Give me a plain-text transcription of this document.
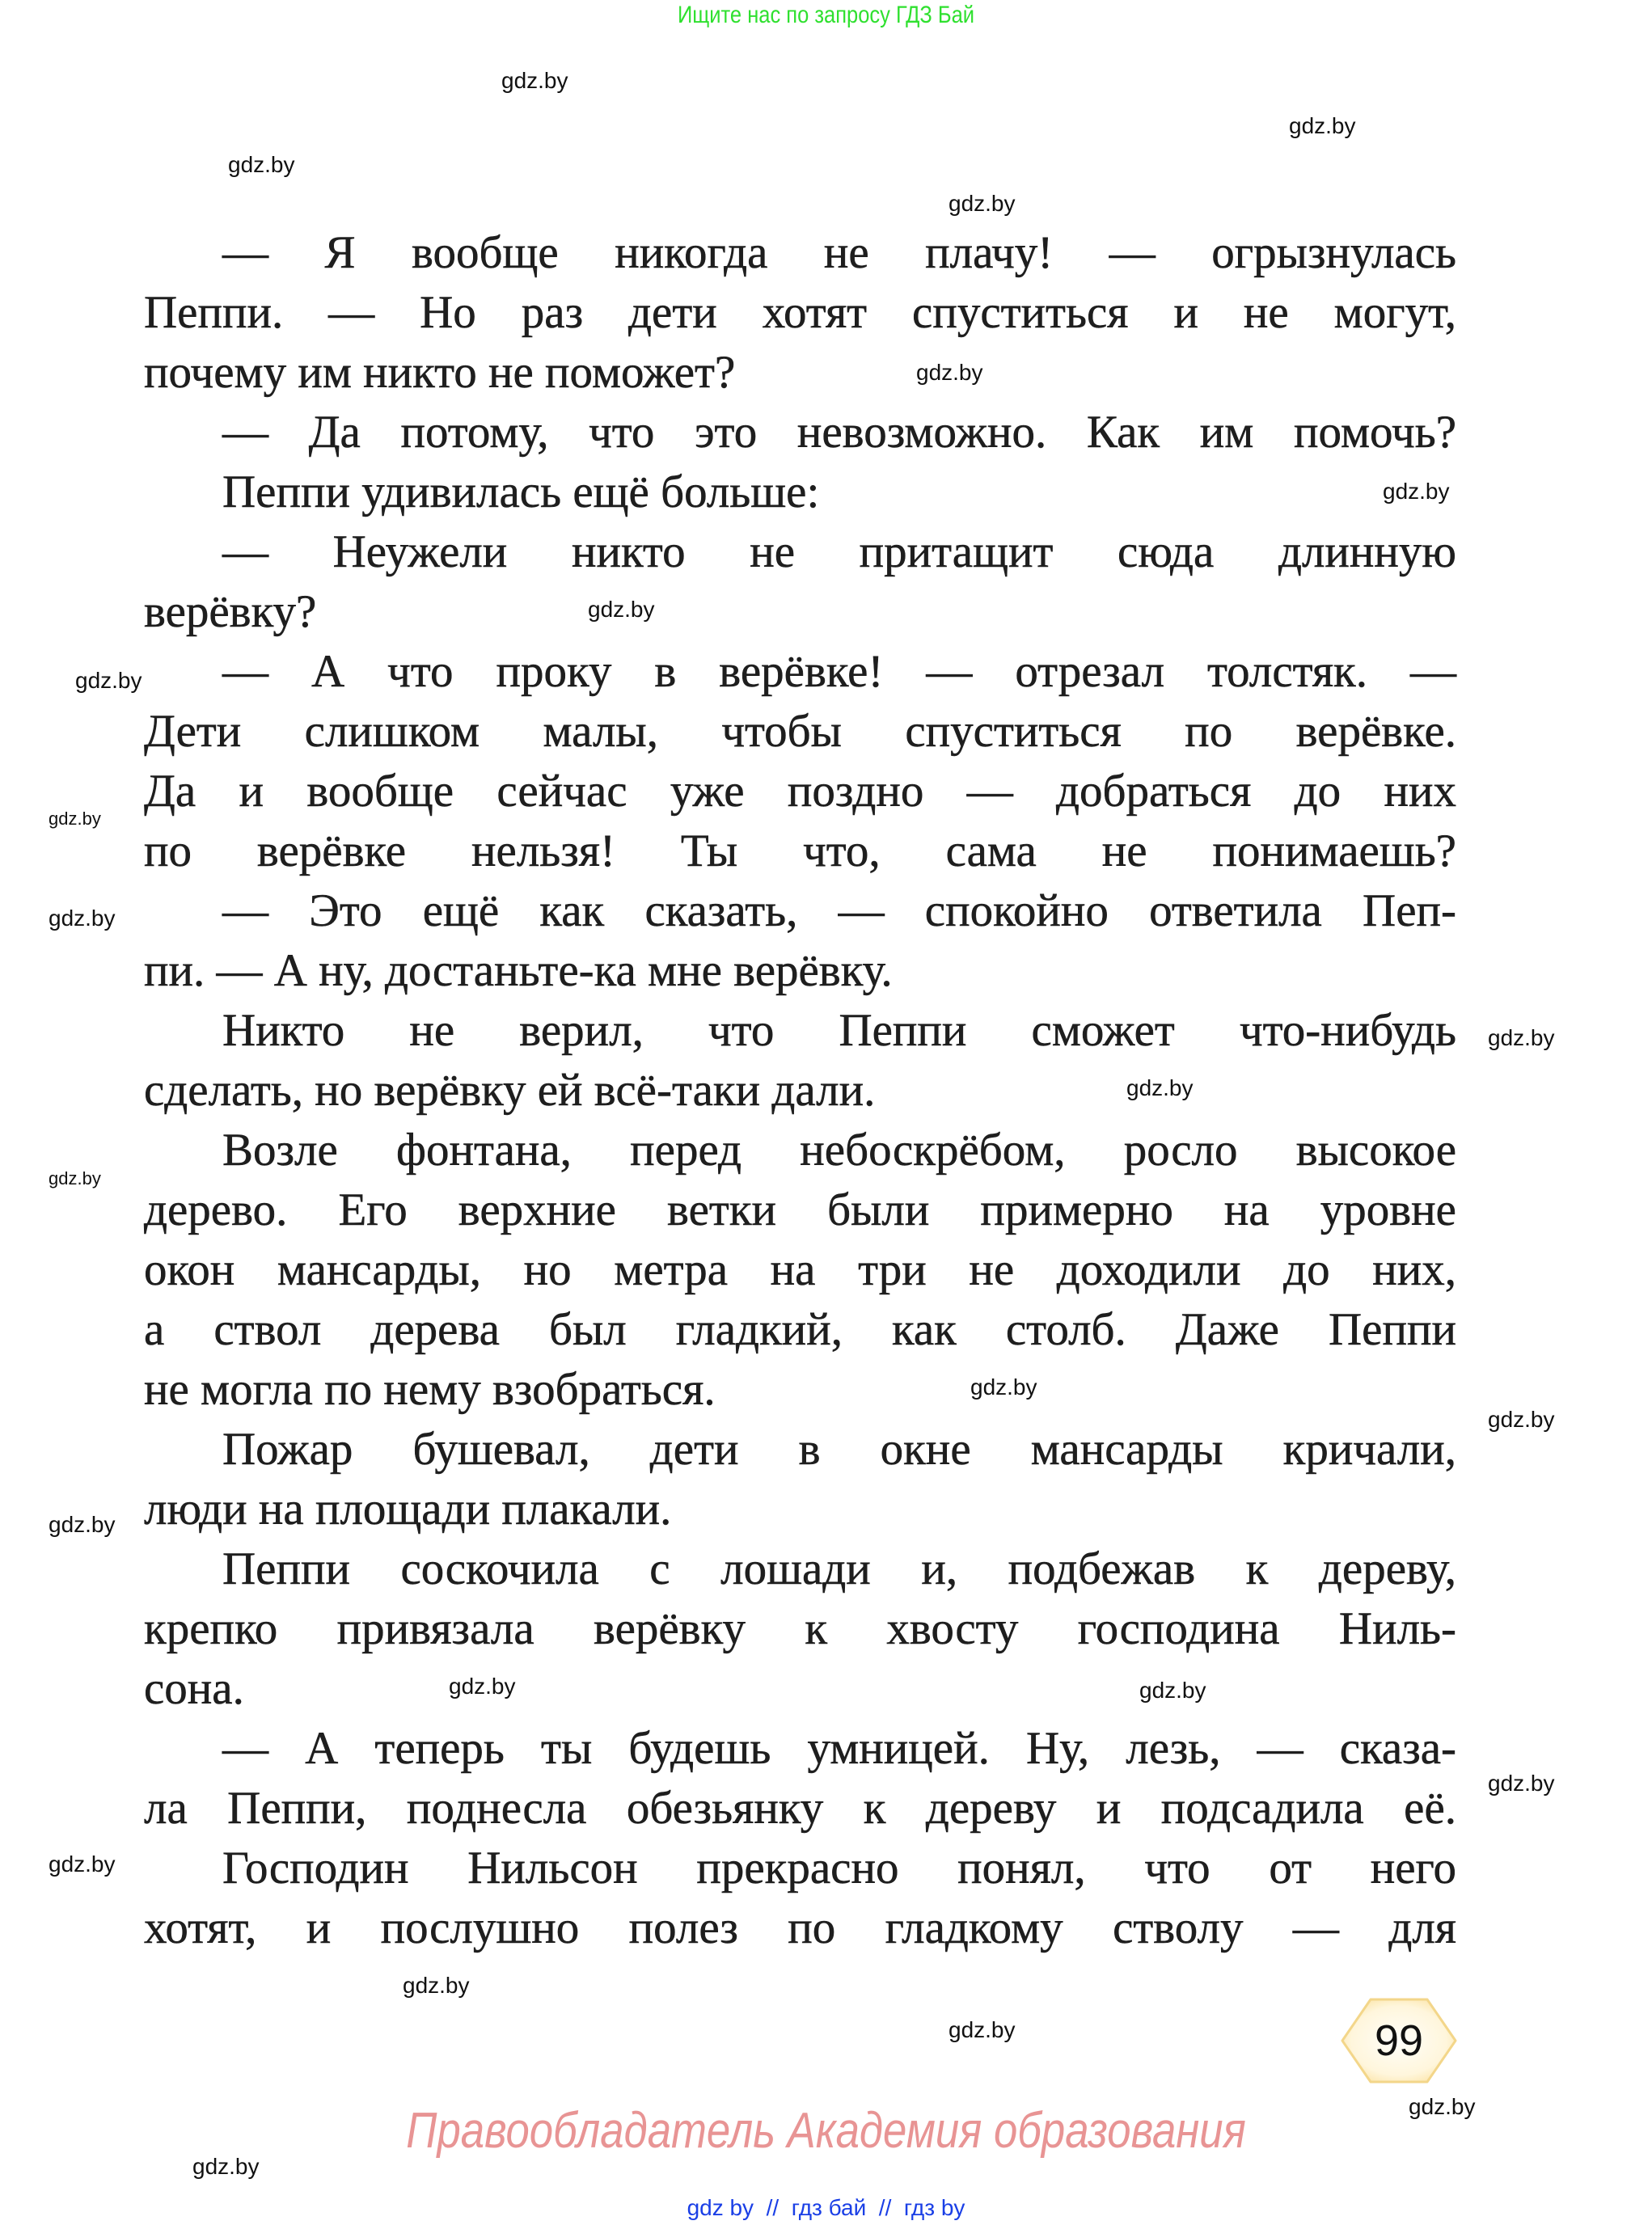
Ищите нас по запросу ГДЗ Бай
— Я вообще никогда не плачу! — огрызнулась
Пеппи. — Но раз дети хотят спуститься и не могут,
почему им никто не поможет?
— Да потому, что это невозможно. Как им помочь?
Пеппи удивилась ещё больше:
— Неужели никто не притащит сюда длинную
верёвку?
— А что проку в верёвке! — отрезал толстяк. —
Дети слишком малы, чтобы спуститься по верёвке.
Да и вообще сейчас уже поздно — добраться до них
по верёвке нельзя! Ты что, сама не понимаешь?
— Это ещё как сказать, — спокойно ответила Пеп-
пи. — А ну, достаньте-ка мне верёвку.
Никто не верил, что Пеппи сможет что-нибудь
сделать, но верёвку ей всё-таки дали.
Возле фонтана, перед небоскрёбом, росло высокое
дерево. Его верхние ветки были примерно на уровне
окон мансарды, но метра на три не доходили до них,
а ствол дерева был гладкий, как столб. Даже Пеппи
не могла по нему взобраться.
Пожар бушевал, дети в окне мансарды кричали,
люди на площади плакали.
Пеппи соскочила с лошади и, подбежав к дереву,
крепко привязала верёвку к хвосту господина Ниль-
сона.
— А теперь ты будешь умницей. Ну, лезь, — сказа-
ла Пеппи, поднесла обезьянку к дереву и подсадила её.
Господин Нильсон прекрасно понял, что от него
хотят, и послушно полез по гладкому стволу — для
gdz.by
gdz.by
gdz.by
gdz.by
gdz.by
gdz.by
gdz.by
gdz.by
gdz.by
gdz.by
gdz.by
gdz.by
gdz.by
gdz.by
gdz.by
gdz.by
gdz.by	gdz.by
gdz.by
gdz.by
gdz.by
gdz.by
gdz.by
gdz.by
99
Правообладатель Академия образования
gdz by  //  гдз бай  //  гдз by
